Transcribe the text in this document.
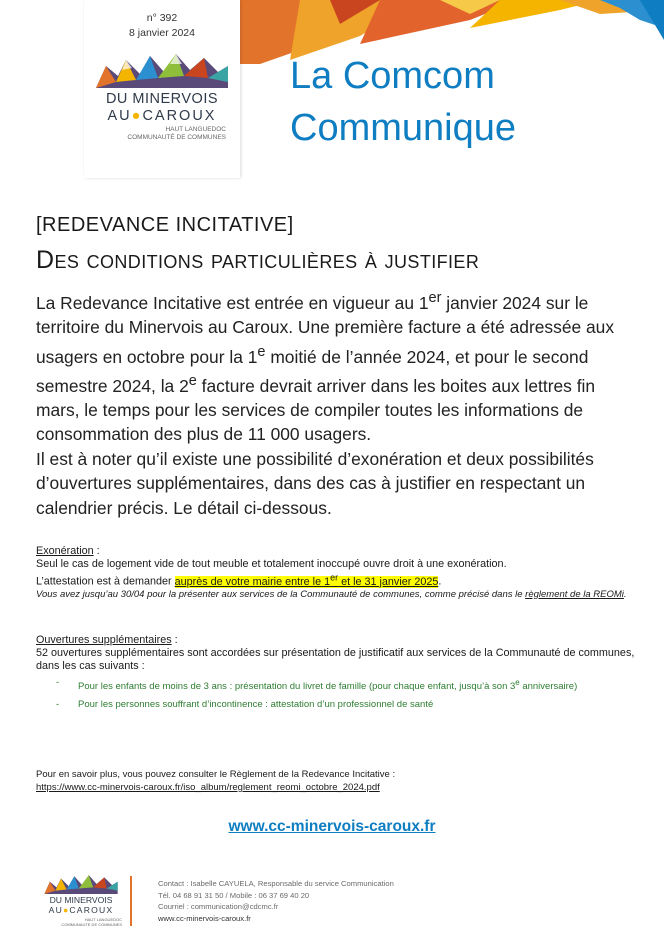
n° 392
8 janvier 2024
DU MINERVOIS
AU●CAROUX
HAUT LANGUEDOC
COMMUNAUTÉ DE COMMUNES
La Comcom
Communique
[REDEVANCE INCITATIVE]
Des conditions particulières à justifier

La Redevance Incitative est entrée en vigueur au 1er janvier 2024 sur le territoire du Minervois au Caroux. Une première facture a été adressée aux usagers en octobre pour la 1e moitié de l’année 2024, et pour le second semestre 2024, la 2e facture devrait arriver dans les boites aux lettres fin mars, le temps pour les services de compiler toutes les informations de consommation des plus de 11 000 usagers.

Il est à noter qu’il existe une possibilité d’exonération et deux possibilités d’ouvertures supplémentaires, dans des cas à justifier en respectant un calendrier précis. Le détail ci-dessous.

Exonération :
Seul le cas de logement vide de tout meuble et totalement inoccupé ouvre droit à une exonération.
L’attestation est à demander auprès de votre mairie entre le 1er et le 31 janvier 2025.
Vous avez jusqu’au 30/04 pour la présenter aux services de la Communauté de communes, comme précisé dans le règlement de la REOMi.
Ouvertures supplémentaires :
52 ouvertures supplémentaires sont accordées sur présentation de justificatif aux services de la Communauté de communes, dans les cas suivants :
- Pour les enfants de moins de 3 ans : présentation du livret de famille (pour chaque enfant, jusqu’à son 3e anniversaire)
- Pour les personnes souffrant d’incontinence : attestation d’un professionnel de santé
Pour en savoir plus, vous pouvez consulter le Règlement de la Redevance Incitative :
https://www.cc-minervois-caroux.fr/iso_album/reglement_reomi_octobre_2024.pdf
www.cc-minervois-caroux.fr
DU MINERVOIS
AU●CAROUX
HAUT LANGUEDOC
COMMUNAUTÉ DE COMMUNES
Contact : Isabelle CAYUELA, Responsable du service Communication
Tél. 04 68 91 31 50 / Mobile : 06 37 69 40 20
Courriel : communication@cdcmc.fr
www.cc-minervois-caroux.fr
